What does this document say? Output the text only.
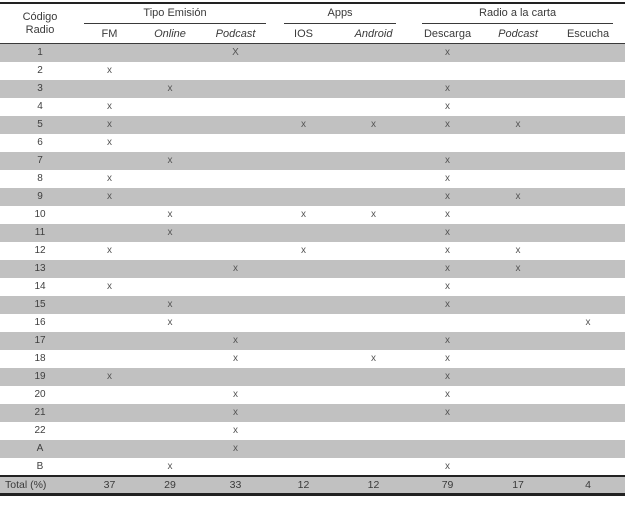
Código
Radio	Tipo Emisión			Apps		Radio a la carta		

	FM	Online	Podcast	IOS	Android	Descarga	Podcast	Escucha
1			X			x		
2	x							
3		x				x		
4	x					x		
5	x			x	x	x	x	
6	x							
7		x				x		
8	x					x		
9	x					x	x	
10		x		x	x	x		
11		x				x		
12	x			x		x	x	
13			x			x	x	
14	x					x		
15		x				x		
16		x						x
17			x			x		
18			x		x	x		
19	x					x		
20			x			x		
21			x			x		
22			x					
A			x					
B		x				x		
Total (%)	37	29	33	12	12	79	17	4
